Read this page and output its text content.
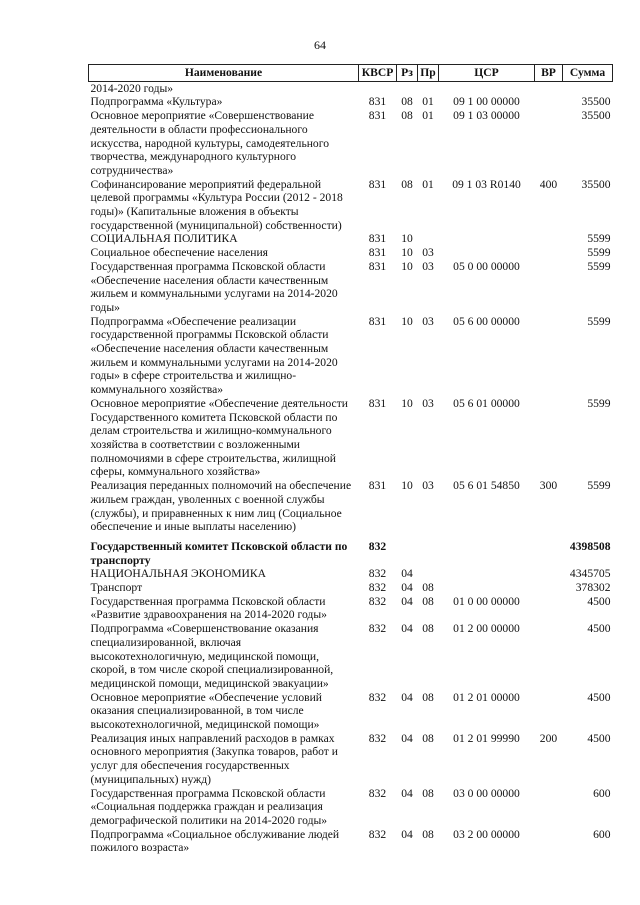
64
Наименование	КВСР	Рз	Пр	ЦСР	ВР	Сумма
2014-2020 годы»						
Подпрограмма «Культура»	831	08	01	09 1 00 00000		35500
Основное мероприятие «Совершенствование деятельности в области профессионального искусства, народной культуры, самодеятельного творчества, международного культурного сотрудничества»	831	08	01	09 1 03 00000		35500
Софинансирование мероприятий федеральной целевой программы «Культура России (2012 - 2018 годы)» (Капитальные вложения в объекты государственной (муниципальной) собственности)	831	08	01	09 1 03 R0140	400	35500
СОЦИАЛЬНАЯ ПОЛИТИКА	831	10				5599
Социальное обеспечение населения	831	10	03			5599
Государственная программа Псковской области «Обеспечение населения области качественным жильем и коммунальными услугами на 2014-2020 годы»	831	10	03	05 0 00 00000		5599
Подпрограмма «Обеспечение реализации государственной программы Псковской области «Обеспечение населения области качественным жильем и коммунальными услугами на 2014-2020 годы» в сфере строительства и жилищно-коммунального хозяйства»	831	10	03	05 6 00 00000		5599
Основное мероприятие «Обеспечение деятельности Государственного комитета Псковской области по делам строительства и жилищно-коммунального хозяйства в соответствии с возложенными полномочиями в сфере строительства, жилищной сферы, коммунального хозяйства»	831	10	03	05 6 01 00000		5599
Реализация переданных полномочий на обеспечение жильем граждан, уволенных с военной службы (службы), и приравненных к ним лиц (Социальное обеспечение и иные выплаты населению)	831	10	03	05 6 01 54850	300	5599
Государственный комитет Псковской области по транспорту	832					4398508
НАЦИОНАЛЬНАЯ ЭКОНОМИКА	832	04				4345705
Транспорт	832	04	08			378302
Государственная программа Псковской области «Развитие здравоохранения на 2014-2020 годы»	832	04	08	01 0 00 00000		4500
Подпрограмма «Совершенствование оказания специализированной, включая высокотехнологичную, медицинской помощи, скорой, в том числе скорой специализированной, медицинской помощи, медицинской эвакуации»	832	04	08	01 2 00 00000		4500
Основное мероприятие «Обеспечение условий оказания специализированной, в том числе высокотехнологичной, медицинской помощи»	832	04	08	01 2 01 00000		4500
Реализация иных направлений расходов в рамках основного мероприятия (Закупка товаров, работ и услуг для обеспечения государственных (муниципальных) нужд)	832	04	08	01 2 01 99990	200	4500
Государственная программа Псковской области «Социальная поддержка граждан и реализация демографической политики на 2014-2020 годы»	832	04	08	03 0 00 00000		600
Подпрограмма «Социальное обслуживание людей пожилого возраста»	832	04	08	03 2 00 00000		600
